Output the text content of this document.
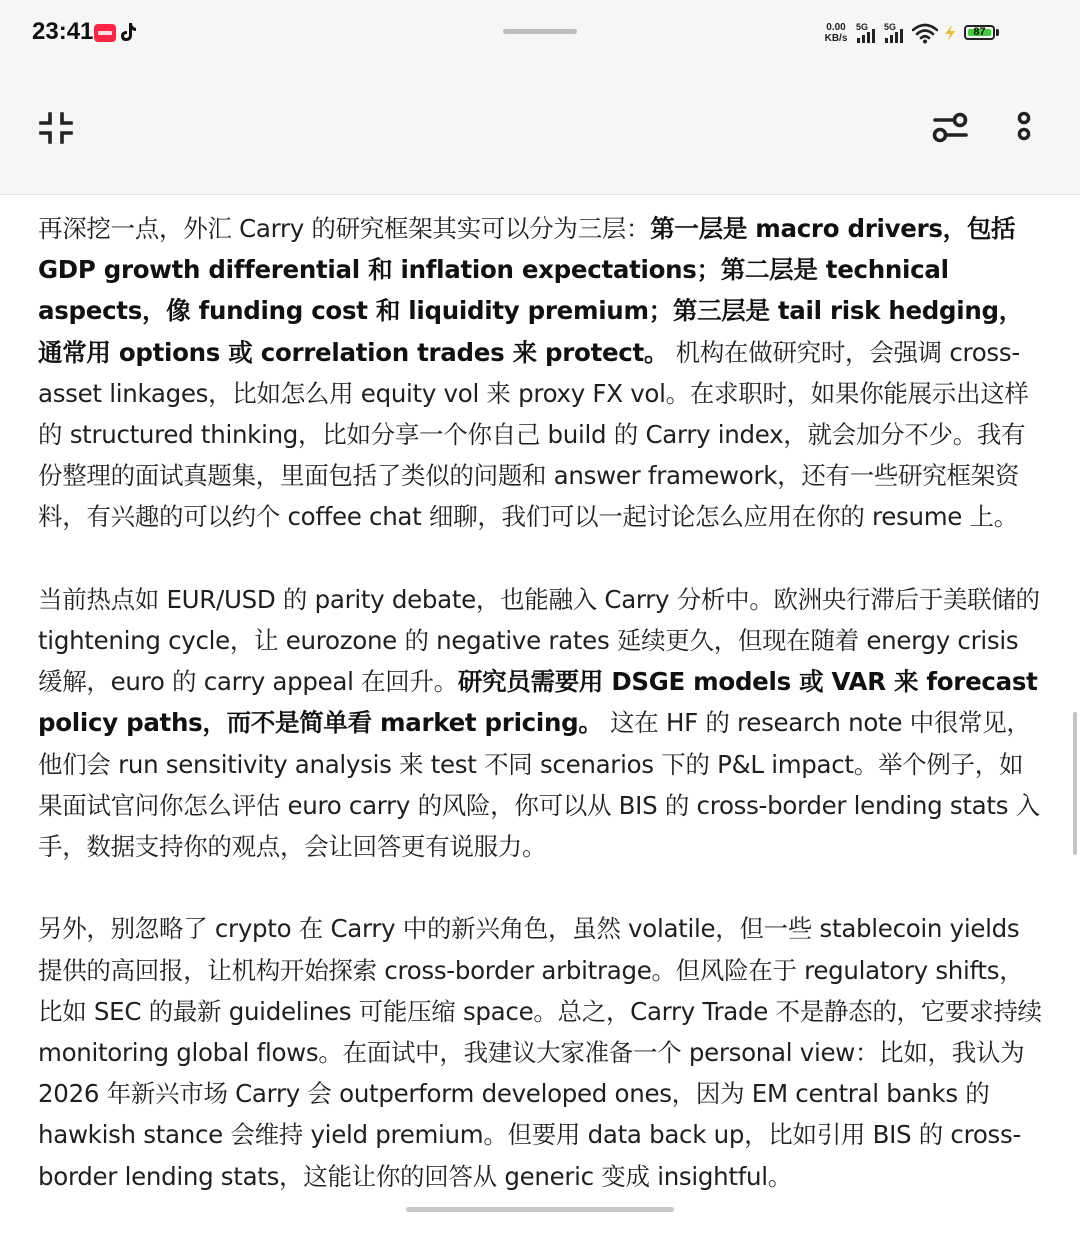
23:41	0.00
KB/s
5G 5G	87

再深挖一点，外汇 Carry 的研究框架其实可以分为三层：第一层是 macro drivers，包括 GDP growth differential 和 inflation expectations；第二层是 technical aspects，像 funding cost 和 liquidity premium；第三层是 tail risk hedging，通常用 options 或 correlation trades 来 protect。 机构在做研究时，会强调 cross-asset linkages，比如怎么用 equity vol 来 proxy FX vol。在求职时，如果你能展示出这样的 structured thinking，比如分享一个你自己 build 的 Carry index，就会加分不少。我有份整理的面试真题集，里面包括了类似的问题和 answer framework，还有一些研究框架资料，有兴趣的可以约个 coffee chat 细聊，我们可以一起讨论怎么应用在你的 resume 上。

当前热点如 EUR/USD 的 parity debate，也能融入 Carry 分析中。欧洲央行滞后于美联储的 tightening cycle，让 eurozone 的 negative rates 延续更久，但现在随着 energy crisis 缓解，euro 的 carry appeal 在回升。研究员需要用 DSGE models 或 VAR 来 forecast policy paths，而不是简单看 market pricing。 这在 HF 的 research note 中很常见，他们会 run sensitivity analysis 来 test 不同 scenarios 下的 P&L impact。举个例子，如果面试官问你怎么评估 euro carry 的风险，你可以从 BIS 的 cross-border lending stats 入手，数据支持你的观点，会让回答更有说服力。

另外，别忽略了 crypto 在 Carry 中的新兴角色，虽然 volatile，但一些 stablecoin yields 提供的高回报，让机构开始探索 cross-border arbitrage。但风险在于 regulatory shifts，比如 SEC 的最新 guidelines 可能压缩 space。总之，Carry Trade 不是静态的，它要求持续 monitoring global flows。在面试中，我建议大家准备一个 personal view：比如，我认为 2026 年新兴市场 Carry 会 outperform developed ones，因为 EM central banks 的 hawkish stance 会维持 yield premium。但要用 data back up，比如引用 BIS 的 cross-border lending stats，这能让你的回答从 generic 变成 insightful。
